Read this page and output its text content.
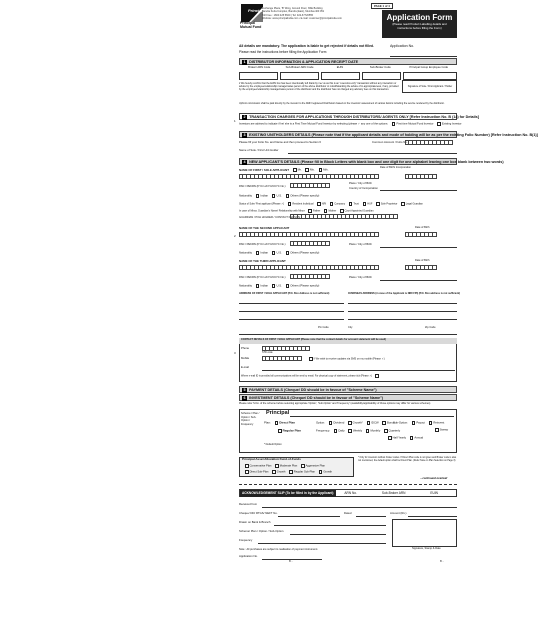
Principal
Principal
Mutual Fund
Exchange Plaza, 'B' Wing, Ground Floor, NSE Building
Bandra Kurla Complex, Bandra (East), Mumbai-400 051
Toll Free : 1800 425 5600 | Tel: 022-67720555
Website: www.principalindia.com • E-mail: customer@principalindia.com
PAGE 1 of 4
Application Form
(Please read Product Labelling details and instructions before filling the Form)
All details are mandatory. The application is liable to get rejected if details not filled.
Please read the instructions before filling the Application Form
Application No.
1 DISTRIBUTOR INFORMATION & APPLICATION RECEIPT DATE
Broker/ ARN Code	Sub-Broker/ ARN Code	EUIN	Sub-Broker Code	Principal Group Employee Code
I/ We hereby confirm that the EUIN box has been intentionally left blank by me/ us as this is an "execution-only" transaction without any interaction or advice by the employee/relationship manager/sales person of the above distributor or notwithstanding the advice of in-appropriateness, if any, provided by the employee/relationship manager/sales person of the distributor and the distributor has not charged any advisory fees on this transaction.
Signature of Sole / First Applicant / Holder
Upfront commission shall be paid directly by the investor to the AMFI registered Distributors based on the investors' assessment of various factors including the service rendered by the distributor.
1
2 TRANSACTION CHARGES FOR APPLICATIONS THROUGH DISTRIBUTORS/ AGENTS ONLY [Refer Instruction No. B (14) for Details]
Investors are advised to indicate if he/ she is a First Time Mutual Fund Investor by selecting (please ✓ any one of the options:	First time Mutual Fund Investor	Existing Investor
3 EXISTING UNITHOLDERS DETAILS (Please note that if the applicant details and mode of holding will be as per the existing Folio Number) [Refer Instruction No. B(1)]
Please fill your Folio No. and Name and then proceed to Section 6	Common Account / Folio No.
Name of Sole / First Unit Holder
4 NEW APPLICANT'S DETAILS (Please fill in Block Letters with blank box and one digit for one alphabet leaving one box blank between two words)
NAME OF FIRST / SOLE APPLICANT	Mr.	Ms.	M/s.
Date of Birth/ Incorporation
PAN / PEKRN (KYC/ eKYC/CKYC No.)
Place / City of Birth
Country of Incorporation
Nationality	Indian	U.S.	Others (Please specify)
Status of Sole/ First applicant [Please ✓]	Resident Individual	NRI	Company	Trust	HUF	Sole Proprietor	Legal Guardian
In case of Minor, Guardian's Name/ Relationship with Minor	Father	Mother	Court Appointed Guardian
GUARDIAN / POA HOLDER / CONTACT PERSON
2
NAME OF THE SECOND APPLICANT	Date of Birth
PAN / PEKRN (KYC/ eKYC/CKYC No.)	Place / City of Birth
Nationality	Indian	U.S.	Others (Please specify)
NAME OF THE THIRD APPLICANT	Date of Birth
PAN / PEKRN (KYC/ eKYC/CKYC No.)	Place / City of Birth
Nationality	Indian	U.S.	Others (Please specify)
ADDRESS OF FIRST / SOLE APPLICANT (P.O. Box Address is not sufficient)	OVERSEAS ADDRESS (in case of the Applicant is NRI/ FPI) (P.O. Box address is not sufficient)
Pin Code	City	Zip Code
CONTACT DETAILS OF FIRST / SOLE APPLICANT (Please note that the contact details for account statement will be used)
Phone
STD code
Mobile	I/ We wish to receive updates via SMS on my mobile (Please ✓)
E-mail
Where e-mail ID is provided all communications will be sent by email. For physical copy of statement, please tick (Please ✓)
3
5 PAYMENT DETAILS (Cheque/ DD should be in favour of "Scheme Name")
6 INVESTMENT DETAILS (Cheque/ DD should be in favour of "Scheme Name")
Please refer S.No. of the scheme before selecting appropriate 'Option', 'Sub-Option' and 'Frequency' (availability/applicability of those options may differ for various schemes)
Scheme / Plan / Option / Sub-Option / Frequency
Principal
Plan:	Direct Plan
Regular Plan
Option:	Dividend	Growth*	IDCW	Bonus
Sub-Option:	Payout	Reinvest
Sweep
Frequency:	Daily	Weekly	Monthly	Quarterly
Half Yearly	Annual
* Default Option
Principal Asset Allocation Fund-of-Funds
Conservative Plan	Moderate Plan	Aggressive Plan
Direct Sub-Plan	Growth	Regular Sub-Plan	Growth
* Only for investors without broker codes. If Direct Plan code is not given and Broker code is also not mentioned, the default option shall be Direct Plan. (Refer Note on Plan Selection on Page 3)
...continued overleaf
ACKNOWLEDGEMENT SLIP (To be filled in by the Applicant)	ARN No.	Sub-Broker ARN	EUIN
Received from
Cheque/ DD/ RTGS/ NEFT No.	Dated	Amount (Rs.)
Drawn on Bank & Branch
Scheme/ Plan / Option / Sub-Option
Frequency
Signature, Stamp & Date
Note : All purchases are subject to realisation of payment instrument.
Application No.
8 ..	8 ..
